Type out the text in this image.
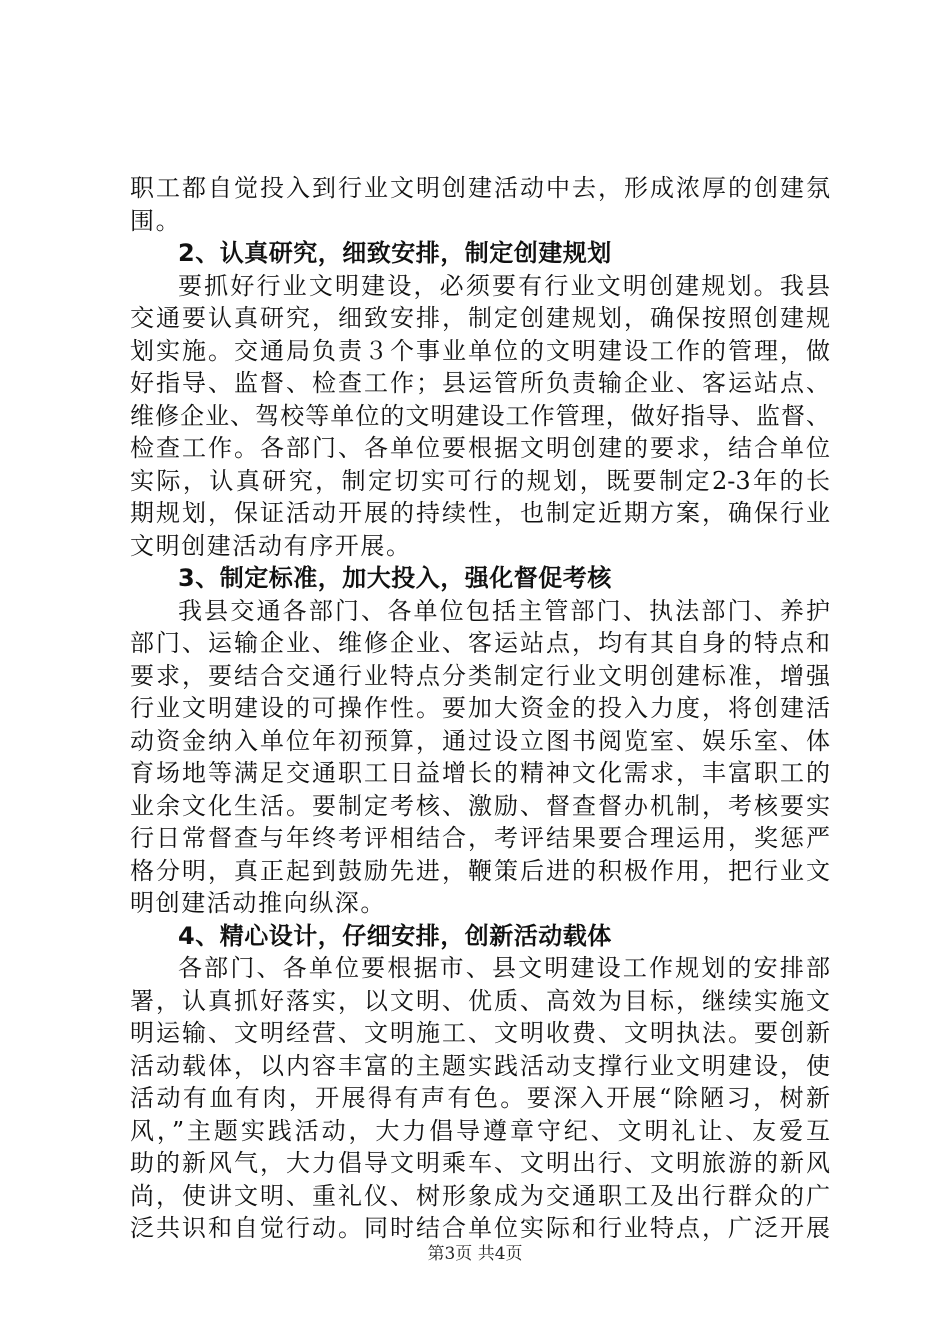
职工都自觉投入到行业文明创建活动中去，形成浓厚的创建氛
围。
2、认真研究，细致安排，制定创建规划
要抓好行业文明建设，必须要有行业文明创建规划。我县
交通要认真研究，细致安排，制定创建规划，确保按照创建规
划实施。交通局负责３个事业单位的文明建设工作的管理，做
好指导、监督、检查工作；县运管所负责输企业、客运站点、
维修企业、驾校等单位的文明建设工作管理，做好指导、监督、
检查工作。各部门、各单位要根据文明创建的要求，结合单位
实际，认真研究，制定切实可行的规划，既要制定2-3年的长
期规划，保证活动开展的持续性，也制定近期方案，确保行业
文明创建活动有序开展。
3、制定标准，加大投入，强化督促考核
我县交通各部门、各单位包括主管部门、执法部门、养护
部门、运输企业、维修企业、客运站点，均有其自身的特点和
要求，要结合交通行业特点分类制定行业文明创建标准，增强
行业文明建设的可操作性。要加大资金的投入力度，将创建活
动资金纳入单位年初预算，通过设立图书阅览室、娱乐室、体
育场地等满足交通职工日益增长的精神文化需求，丰富职工的
业余文化生活。要制定考核、激励、督查督办机制，考核要实
行日常督查与年终考评相结合，考评结果要合理运用，奖惩严
格分明，真正起到鼓励先进，鞭策后进的积极作用，把行业文
明创建活动推向纵深。
4、精心设计，仔细安排，创新活动载体
各部门、各单位要根据市、县文明建设工作规划的安排部
署，认真抓好落实，以文明、优质、高效为目标，继续实施文
明运输、文明经营、文明施工、文明收费、文明执法。要创新
活动载体，以内容丰富的主题实践活动支撑行业文明建设，使
活动有血有肉，开展得有声有色。要深入开展“除陋习，树新
风，”主题实践活动，大力倡导遵章守纪、文明礼让、友爱互
助的新风气，大力倡导文明乘车、文明出行、文明旅游的新风
尚，使讲文明、重礼仪、树形象成为交通职工及出行群众的广
泛共识和自觉行动。同时结合单位实际和行业特点，广泛开展
第3页 共4页
